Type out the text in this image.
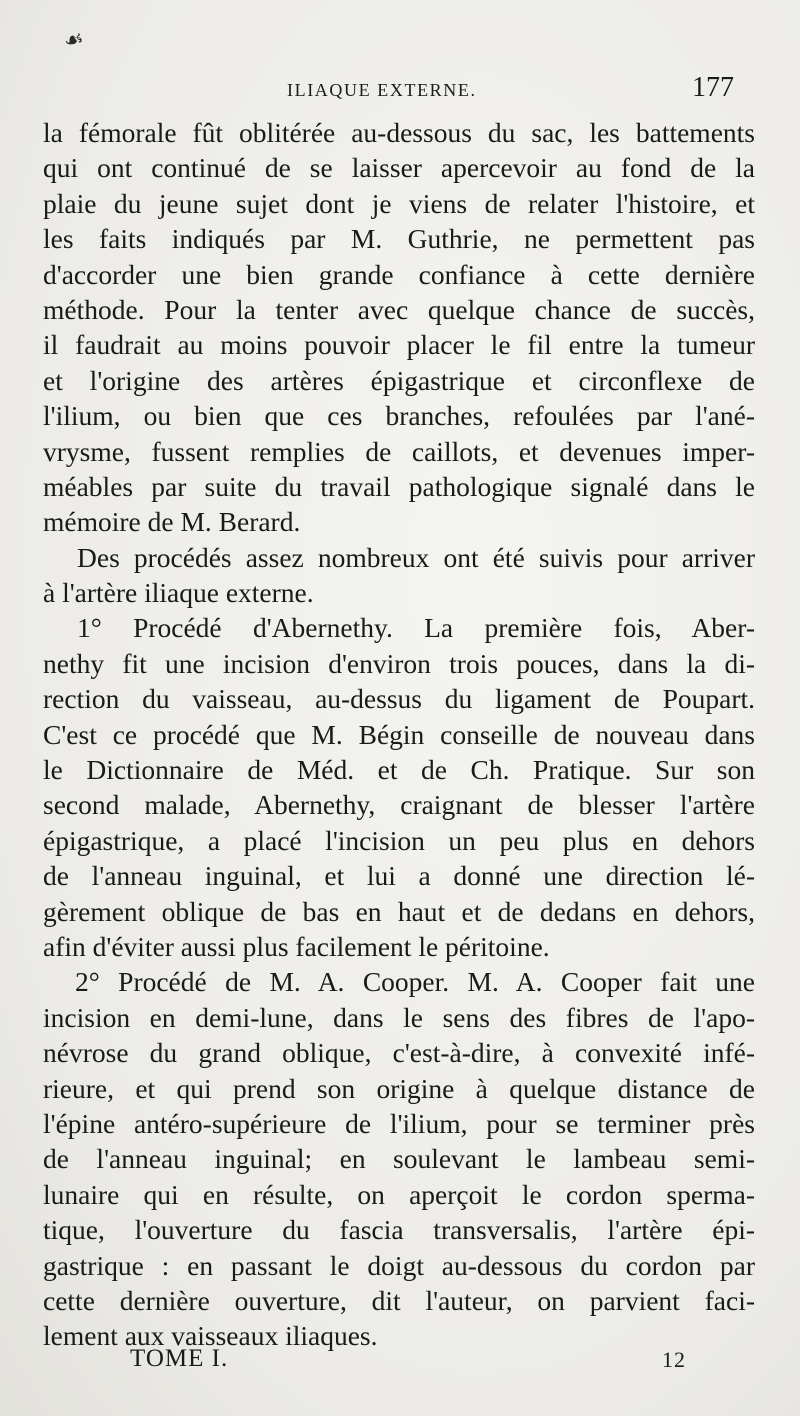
☙
ILIAQUE EXTERNE.	177
la fémorale fût oblitérée au-dessous du sac, les battements
qui ont continué de se laisser apercevoir au fond de la
plaie du jeune sujet dont je viens de relater l'histoire, et
les faits indiqués par M. Guthrie, ne permettent pas
d'accorder une bien grande confiance à cette dernière
méthode. Pour la tenter avec quelque chance de succès,
il faudrait au moins pouvoir placer le fil entre la tumeur
et l'origine des artères épigastrique et circonflexe de
l'ilium, ou bien que ces branches, refoulées par l'ané-
vrysme, fussent remplies de caillots, et devenues imper-
méables par suite du travail pathologique signalé dans le
mémoire de M. Berard.
Des procédés assez nombreux ont été suivis pour arriver
à l'artère iliaque externe.
1° Procédé d'Abernethy. La première fois, Aber-
nethy fit une incision d'environ trois pouces, dans la di-
rection du vaisseau, au-dessus du ligament de Poupart.
C'est ce procédé que M. Bégin conseille de nouveau dans
le Dictionnaire de Méd. et de Ch. Pratique. Sur son
second malade, Abernethy, craignant de blesser l'artère
épigastrique, a placé l'incision un peu plus en dehors
de l'anneau inguinal, et lui a donné une direction lé-
gèrement oblique de bas en haut et de dedans en dehors,
afin d'éviter aussi plus facilement le péritoine.
2° Procédé de M. A. Cooper. M. A. Cooper fait une
incision en demi-lune, dans le sens des fibres de l'apo-
névrose du grand oblique, c'est-à-dire, à convexité infé-
rieure, et qui prend son origine à quelque distance de
l'épine antéro-supérieure de l'ilium, pour se terminer près
de l'anneau inguinal; en soulevant le lambeau semi-
lunaire qui en résulte, on aperçoit le cordon sperma-
tique, l'ouverture du fascia transversalis, l'artère épi-
gastrique : en passant le doigt au-dessous du cordon par
cette dernière ouverture, dit l'auteur, on parvient faci-
lement aux vaisseaux iliaques.
TOME I.	12
